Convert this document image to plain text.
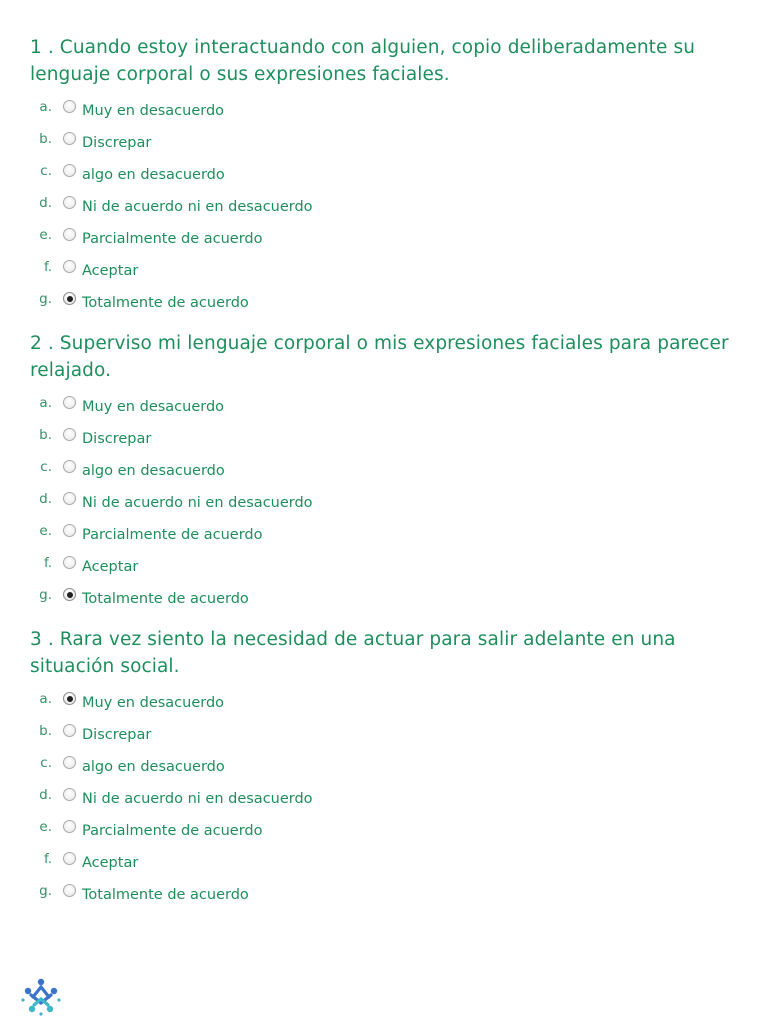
1 . Cuando estoy interactuando con alguien, copio deliberadamente su lenguaje corporal o sus expresiones faciales.
a. Muy en desacuerdo
b. Discrepar
c. algo en desacuerdo
d. Ni de acuerdo ni en desacuerdo
e. Parcialmente de acuerdo
f. Aceptar
g. Totalmente de acuerdo
2 . Superviso mi lenguaje corporal o mis expresiones faciales para parecer relajado.
a. Muy en desacuerdo
b. Discrepar
c. algo en desacuerdo
d. Ni de acuerdo ni en desacuerdo
e. Parcialmente de acuerdo
f. Aceptar
g. Totalmente de acuerdo
3 . Rara vez siento la necesidad de actuar para salir adelante en una situación social.
a. Muy en desacuerdo
b. Discrepar
c. algo en desacuerdo
d. Ni de acuerdo ni en desacuerdo
e. Parcialmente de acuerdo
f. Aceptar
g. Totalmente de acuerdo
